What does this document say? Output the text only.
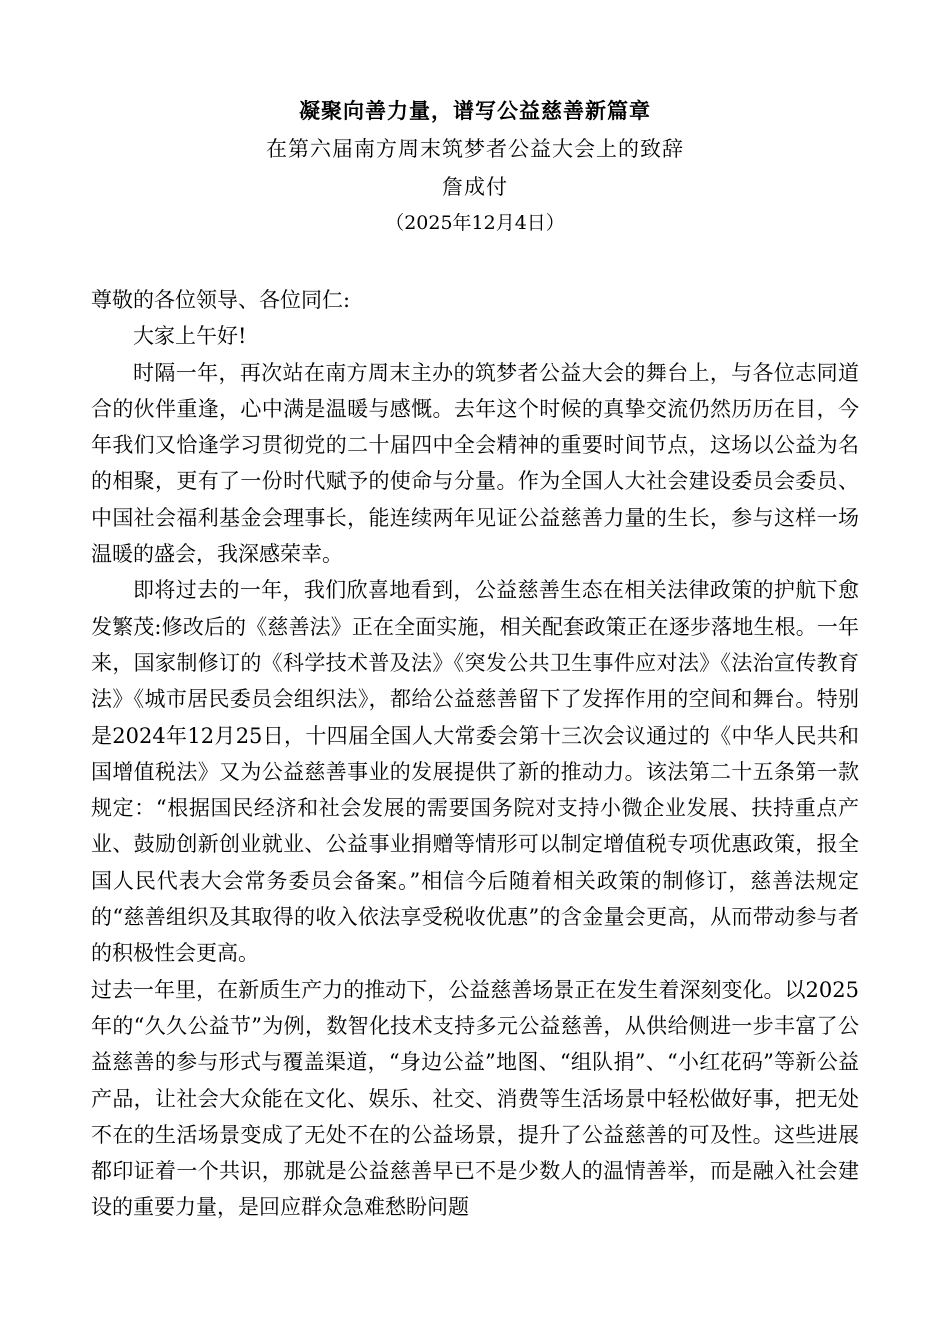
凝聚向善力量，谱写公益慈善新篇章
在第六届南方周末筑梦者公益大会上的致辞
詹成付
（2025年12月4日）

尊敬的各位领导、各位同仁:

大家上午好!

时隔一年，再次站在南方周末主办的筑梦者公益大会的舞台上，与各位志同道合的伙伴重逢，心中满是温暖与感慨。去年这个时候的真挚交流仍然历历在目，今年我们又恰逢学习贯彻党的二十届四中全会精神的重要时间节点，这场以公益为名的相聚，更有了一份时代赋予的使命与分量。作为全国人大社会建设委员会委员、中国社会福利基金会理事长，能连续两年见证公益慈善力量的生长，参与这样一场温暖的盛会，我深感荣幸。

即将过去的一年，我们欣喜地看到，公益慈善生态在相关法律政策的护航下愈发繁茂:修改后的《慈善法》正在全面实施，相关配套政策正在逐步落地生根。一年来，国家制修订的《科学技术普及法》《突发公共卫生事件应对法》《法治宣传教育法》《城市居民委员会组织法》，都给公益慈善留下了发挥作用的空间和舞台。特别是2024年12月25日，十四届全国人大常委会第十三次会议通过的《中华人民共和国增值税法》又为公益慈善事业的发展提供了新的推动力。该法第二十五条第一款规定：“根据国民经济和社会发展的需要国务院对支持小微企业发展、扶持重点产业、鼓励创新创业就业、公益事业捐赠等情形可以制定增值税专项优惠政策，报全国人民代表大会常务委员会备案。”相信今后随着相关政策的制修订，慈善法规定的“慈善组织及其取得的收入依法享受税收优惠”的含金量会更高，从而带动参与者的积极性会更高。

过去一年里，在新质生产力的推动下，公益慈善场景正在发生着深刻变化。以2025年的“久久公益节”为例，数智化技术支持多元公益慈善，从供给侧进一步丰富了公益慈善的参与形式与覆盖渠道，“身边公益”地图、“组队捐”、“小红花码”等新公益产品，让社会大众能在文化、娱乐、社交、消费等生活场景中轻松做好事，把无处不在的生活场景变成了无处不在的公益场景，提升了公益慈善的可及性。这些进展都印证着一个共识，那就是公益慈善早已不是少数人的温情善举，而是融入社会建设的重要力量，是回应群众急难愁盼问题
